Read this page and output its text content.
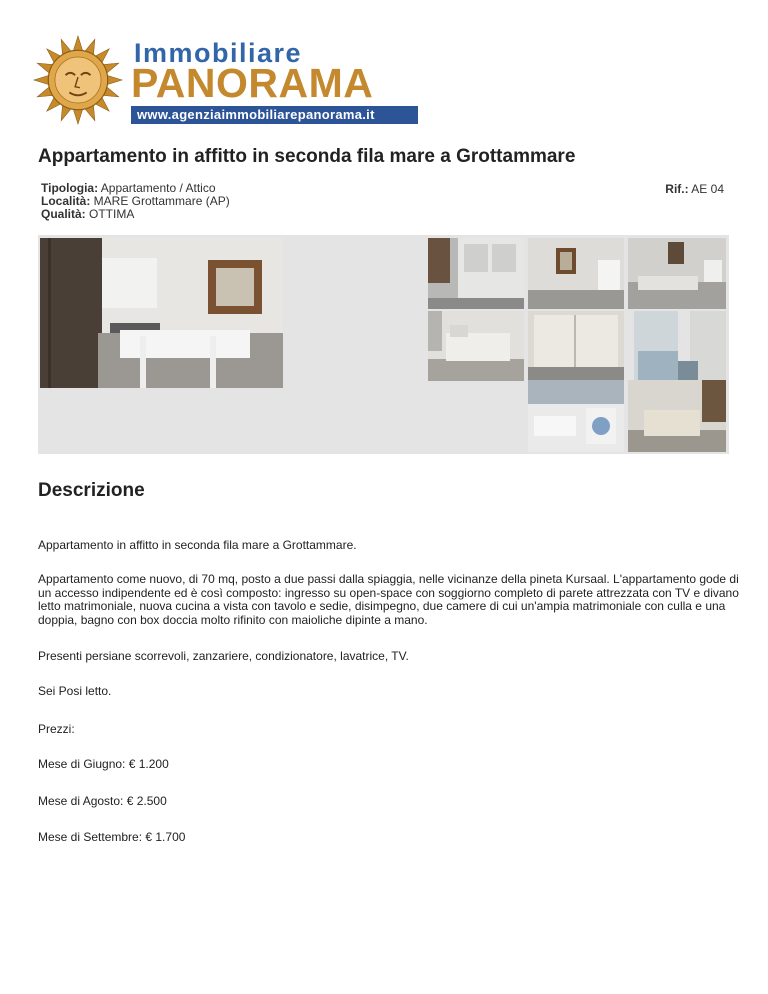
Immobiliare
PANORAMA
www.agenziaimmobiliarepanorama.it
Appartamento in affitto in seconda fila mare a Grottammare
Tipologia: Appartamento / Attico
Località: MARE Grottammare (AP)
Qualità: OTTIMA
Rif.: AE 04
Descrizione

Appartamento in affitto in seconda fila mare a Grottammare.

Appartamento come nuovo, di 70 mq, posto a due passi dalla spiaggia, nelle vicinanze della pineta Kursaal. L'appartamento gode di un accesso indipendente ed è così composto: ingresso su open-space con soggiorno completo di parete attrezzata con TV e divano letto matrimoniale, nuova cucina a vista con tavolo e sedie, disimpegno, due camere di cui un'ampia matrimoniale con culla e una doppia, bagno con box doccia molto rifinito con maioliche dipinte a mano.

Presenti persiane scorrevoli, zanzariere, condizionatore, lavatrice, TV.

Sei Posi letto.

Prezzi:

Mese di Giugno: € 1.200

Mese di Agosto: € 2.500

Mese di Settembre: € 1.700
